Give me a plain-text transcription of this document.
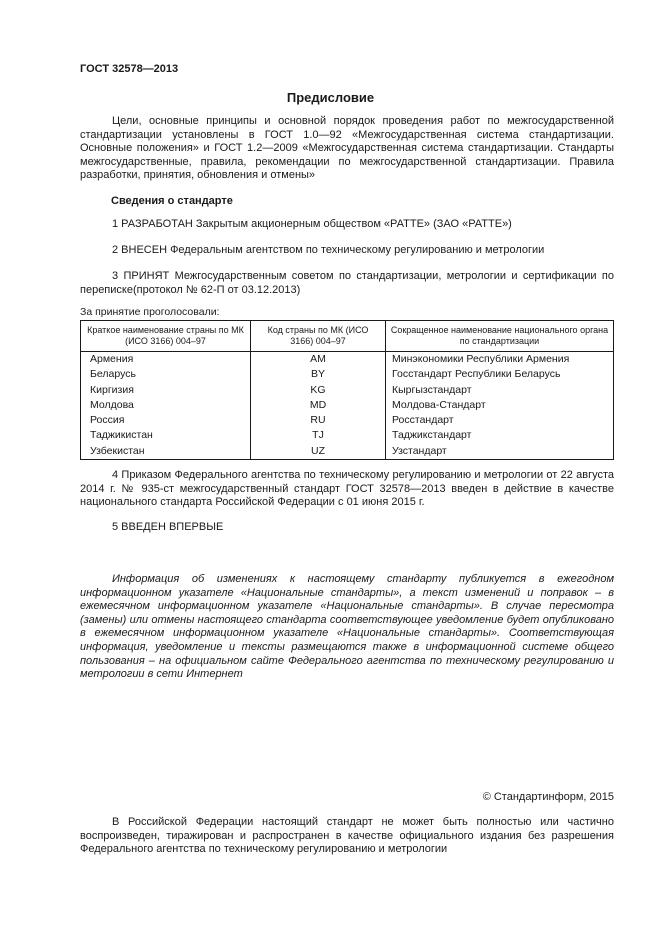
ГОСТ 32578—2013
Предисловие
Цели, основные принципы и основной порядок проведения работ по межгосударственной стандартизации установлены в ГОСТ 1.0—92 «Межгосударственная система стандартизации. Основные положения» и ГОСТ 1.2—2009 «Межгосударственная система стандартизации. Стандарты межгосударственные, правила, рекомендации по межгосударственной стандартизации. Правила разработки, принятия, обновления и отмены»
Сведения о стандарте
1 РАЗРАБОТАН Закрытым акционерным обществом «РАТТЕ» (ЗАО «РАТТЕ»)
2 ВНЕСЕН Федеральным агентством по техническому регулированию и метрологии
3 ПРИНЯТ Межгосударственным советом по стандартизации, метрологии и сертификации по переписке(протокол № 62-П от 03.12.2013)
За принятие проголосовали:
Краткое наименование страны по МК (ИСО 3166) 004–97	Код страны по МК (ИСО 3166) 004–97	Сокращенное наименование национального органа по стандартизации
Армения	AM	Минэкономики Республики Армения
Беларусь	BY	Госстандарт Республики Беларусь
Киргизия	KG	Кыргызстандарт
Молдова	MD	Молдова-Стандарт
Россия	RU	Росстандарт
Таджикистан	TJ	Таджикстандарт
Узбекистан	UZ	Узстандарт
4 Приказом Федерального агентства по техническому регулированию и метрологии от 22 августа 2014 г. № 935-ст межгосударственный стандарт ГОСТ 32578—2013 введен в действие в качестве национального стандарта Российской Федерации с 01 июня 2015 г.
5 ВВЕДЕН ВПЕРВЫЕ
Информация об изменениях к настоящему стандарту публикуется в ежегодном информационном указателе «Национальные стандарты», а текст изменений и поправок – в ежемесячном информационном указателе «Национальные стандарты». В случае пересмотра (замены) или отмены настоящего стандарта соответствующее уведомление будет опубликовано в ежемесячном информационном указателе «Национальные стандарты». Соответствующая информация, уведомление и тексты размещаются также в информационной системе общего пользования – на официальном сайте Федерального агентства по техническому регулированию и метрологии в сети Интернет
© Стандартинформ, 2015
В Российской Федерации настоящий стандарт не может быть полностью или частично воспроизведен, тиражирован и распространен в качестве официального издания без разрешения Федерального агентства по техническому регулированию и метрологии
